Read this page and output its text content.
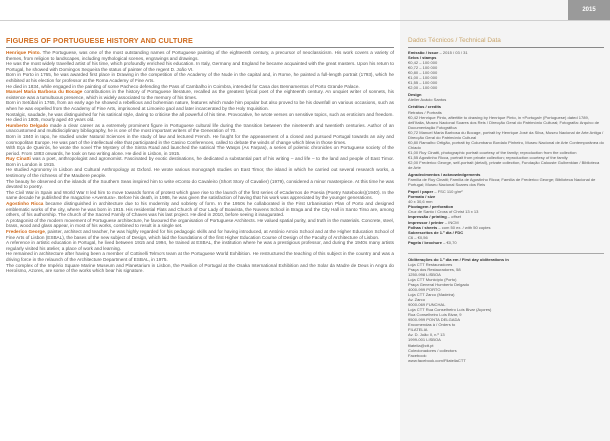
2015
FIGURES OF PORTUGUESE HISTORY AND CULTURE

Henrique Pinto. The Portuguese, was one of the most outstanding names of Portuguese painting of the eighteenth century, a precursor of neoclassicism. His work covers a variety of themes, from religion to landscapes, including mythological scenes, engravings and drawings.

He was the most widely travelled artist of his time, which profoundly enriched his education. In Italy, Germany and England he became acquainted with the great masters. Upon his return to Portugal, he showed with Domingos Sequeira the status of painter of the regent D. João VI.

Born in Porto in 1765, he was awarded first place in Drawing in the competition of the Academy of the Nude in the capital and, in Rome, he painted a full-length portrait (1793), which he exhibited at his election for professor at the Roma Academy of Fine Arts.

He died in 1834, while engaged in the painting of some Pacheco defending the Pass of Cambalho in Coimbra, intended for Casa dos Bennamentos of Porto Grande Palace.

Manuel Maria Barbosa du Bocage contributions in the history of Portuguese literature, recalled as the greatest lyrical poet of the eighteenth century. An unquiet writer of sonnets, his existence was a tumultuous presence, which is widely associated to the memory of his times.

Born in Setúbal in 1765, from an early age he showed a rebellious and bohemian nature, features which made him popular but also proved to be his downfall on various occasions, such as when he was expelled from the Academy of Fine Arts, imprisoned at Limoeiro gaol and later incarcerated by the Holy Inquisition.

Nostalgic, saudade, he was distinguished for his satirical style, daring to criticise the all powerful of his time. Provocative, he wrote verses on sensitive topics, such as eroticism and freedom.

He died in 1805, mourly aged 40 years old.

Humberto Delgado made a clear career as a extremely prominent figure in Portuguese cultural life during the transition between the nineteenth and twentieth centuries. Author of an unaccustomed and multidisciplinary bibliography, he is one of the most important writers of the Generation of 70.

Born in 1840 in Iapo, he studied under Natural Sciences in the study of law and lectured French. He fought for the appeasement of a closed and pursued Portugal towards an airy and cosmopolitan Europe. He was part of the intellectual elite that participated in the Casino Conferences, called to debate the winds of change which blew in those times.

With Eça de Queirós, he wrote the novel The Mystery of the Sintra Road and launched the satirical The Wasps (As Farpas), a series of polemic chronicles on Portuguese society of the period. From 1883 onwards, he took on two writing alone. He died in Lisbon, in 1915.

Ruy Cinatti was a poet, anthropologist and agronomist. Fascinated by exotic destinations, he dedicated a substantial part of his writing – and life – to the land and people of East Timor. Born in London in 1915.

He studied Agronomy in Lisbon and Cultural Anthropology at Oxford. He wrote various monograph studies on East Timor, the island in which he carried out several research works, a testimony of the richness of the Maubere people.

The beauty he observed on the islands of the Southern Seas inspired him to write eConto do Cavaleiro (Short Story of Cavalier) (1979), considered a minor masterpiece. At this time he was devoted to poetry.

The Civil War in Spain and World War II led him to move towards forms of protest which gave rise to the launch of the first series of eCadernos de Poesia (Poetry Notebooks)(1940). In the same decade he published the magazine «Aventura». Before his death, in 1986, he was given the satisfaction of having that his work was appreciated by the younger generations.

Agostinho Ricca became distinguished in architecture due to his modernity and sobriety of form. In the 1950s he collaborated in the First Urbanisation Plan of Porto and designed emblematic works of the city, where he was born in 1915. His residential Flats and Church of Our Lady of Boavista, the Nuvens School in Braga and the City Hall in Santo Tirso are, among others, of his authorship. The church of the Sacred Family of Chaves was his last project. He died in 2010, before seeing it inaugurated.

A protagonist of the modern movement of Portuguese architecture, he favoured the organisation of Portuguese Architects. He valued spatial purity, and truth in the materials. Concrete, steel, brass, wood and glass appear, in most of his works, combined to result in a single set.

Frederico George, painter, architect and teacher, he was highly regarded for his pedagogic skills and for having introduced, at António Arroio School and at the Higher Education School of Fine Arts of Lisbon (ESBAL), the bases of the new subject of Design, which laid the foundations of the first Higher Education Course of Design of the Faculty of Architecture of Lisbon.

A reference in artistic education in Portugal, he lived between 1915 and 1994, he trained at ESBAL, the institution where he was a prestigious professor, and during the 1940s many artists regularly visited his atelier, a place of work and learning.

He remained in architecture after having been a member of Cottinelli Telmo's team at the Portuguese World Exhibition. He restructured the teaching of this subject in the country and was a driving force in the relaunch of the Architecture Department of ESBAL, in 1975.

The complex of the Império Square Marine Museum and Planetarium in Lisbon, the Pavilion of Portugal at the Osaka International Exhibition and the Solar da Madre de Deus in Angra do Heroísmo, Azores, are some of the works which bear his signature.

Dados Técnicos / Technical Data

Emissão / issue – 2015 / 03 / 31

Selos / stamps

€0,42 – 100 000

€0,72 – 100 000

€0,80 – 100 000

€1,00 – 100 000

€1,55 – 100 000

€2,00 – 100 000

Design

Atelier Acácio Santos

Créditos / credits

Retratos / Portraits

€0,42 Henrique Pinto, aftertitle to drawing by Henrique Pinto, in «Portugal» (Portuguese) dated 1789, dell'Italia, Museu Nacional Soares dos Reis / Direcção Geral do Património Cultural; Fotografia: Arquivo de Documentação Fotográfica

€0,72 Manuel Maria Barbosa du Bocage, portrait by Henrique José da Silva, Museu Nacional de Arte Antiga / Direcção Geral do Património Cultural

€0,80 Ramalho Ortigão, portrait by Columbano Bordalo Pinheiro, Museu Nacional de Arte Contemporânea do Chiado

€1,00 Ruy Cinatti, photographic portrait courtesy of the family; reproduction from the collection

€1,55 Agostinho Ricca, portrait from private collection; reproduction courtesy of the family

€2,00 Frederico George, self-portrait (detail), private collection, Fundação Calouste Gulbenkian / Biblioteca de Arte

Agradecimentos / acknowledgements

Família de Ruy Cinatti; Família de Agostinho Ricca; Família de Frederico George; Biblioteca Nacional de Portugal; Museu Nacional Soares dos Reis

Papel / paper – FSC 110 g/m²

Formato / size

40 x 30,6 mm

Picotagem / perforation

Cruz de Santo / Cross of Christ 13 x 13

Impressão / printing – offset

Impressor / printer – INCM

Folhas / sheets – com 50 ex. / with 50 copies

Sobrescritos de 1.º dia / FDC

C6 – €0,56

Pagela / brochure – €0,70

Obliterações do 1.º dia em / First day obliterations in

Loja CTT Restauradores

Praça dos Restauradores, 58

1250-998 LISBOA

Loja CTT Município (Porto)

Praça General Humberto Delgado

4000-999 PORTO

Loja CTT Zarco (Madeira)

Av. Zarco

9000-069 FUNCHAL

Loja CTT Rua Conselheiro Luís Bivar (Açores)

Rua Conselheiro Luís Bivar, 9

9500-999 PONTA DELGADA

Encomendas à / Orders to

FILATELIA

Av. D. João II, n.º 13

1999-001 LISBOA

filatelia@ctt.pt

Colecionadores / collectors

Facebook:

www.facebook.com/FilateliaCTT
